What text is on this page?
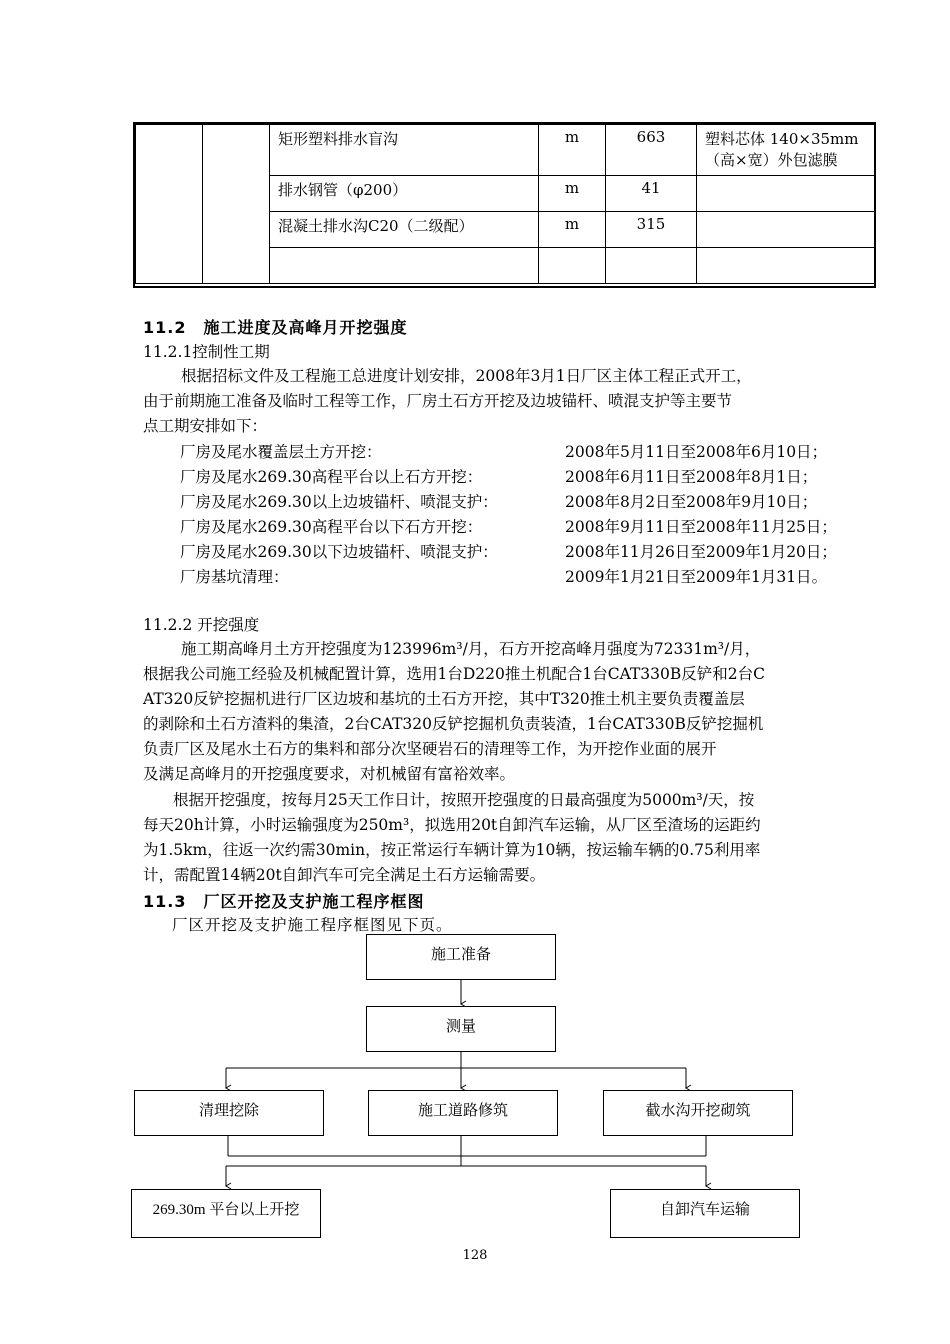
		矩形塑料排水盲沟	m	663	塑料芯体 140×35mm
（高×宽）外包滤膜
		排水钢管（φ200）	m	41	
		混凝土排水沟C20（二级配）	m	315	

11.2　施工进度及高峰月开挖强度
11.2.1控制性工期
根据招标文件及工程施工总进度计划安排，2008年3月1日厂区主体工程正式开工，
由于前期施工准备及临时工程等工作，厂房土石方开挖及边坡锚杆、喷混支护等主要节
点工期安排如下：
厂房及尾水覆盖层土方开挖：	2008年5月11日至2008年6月10日；
厂房及尾水269.30高程平台以上石方开挖：	2008年6月11日至2008年8月1日；
厂房及尾水269.30以上边坡锚杆、喷混支护：	2008年8月2日至2008年9月10日；
厂房及尾水269.30高程平台以下石方开挖：	2008年9月11日至2008年11月25日；
厂房及尾水269.30以下边坡锚杆、喷混支护：	2008年11月26日至2009年1月20日；
厂房基坑清理：	2009年1月21日至2009年1月31日。
11.2.2 开挖强度
施工期高峰月土方开挖强度为123996m³/月，石方开挖高峰月强度为72331m³/月，
根据我公司施工经验及机械配置计算，选用1台D220推土机配合1台CAT330B反铲和2台C
AT320反铲挖掘机进行厂区边坡和基坑的土石方开挖，其中T320推土机主要负责覆盖层
的剥除和土石方渣料的集渣，2台CAT320反铲挖掘机负责装渣，1台CAT330B反铲挖掘机
负责厂区及尾水土石方的集料和部分次坚硬岩石的清理等工作，为开挖作业面的展开
及满足高峰月的开挖强度要求，对机械留有富裕效率。
根据开挖强度，按每月25天工作日计，按照开挖强度的日最高强度为5000m³/天，按
每天20h计算，小时运输强度为250m³，拟选用20t自卸汽车运输，从厂区至渣场的运距约
为1.5km，往返一次约需30min，按正常运行车辆计算为10辆，按运输车辆的0.75利用率
计，需配置14辆20t自卸汽车可完全满足土石方运输需要。
11.3　厂区开挖及支护施工程序框图
厂区开挖及支护施工程序框图见下页。
施工准备
测量
清理挖除	施工道路修筑	截水沟开挖砌筑
269.30m 平台以上开挖	自卸汽车运输
128
